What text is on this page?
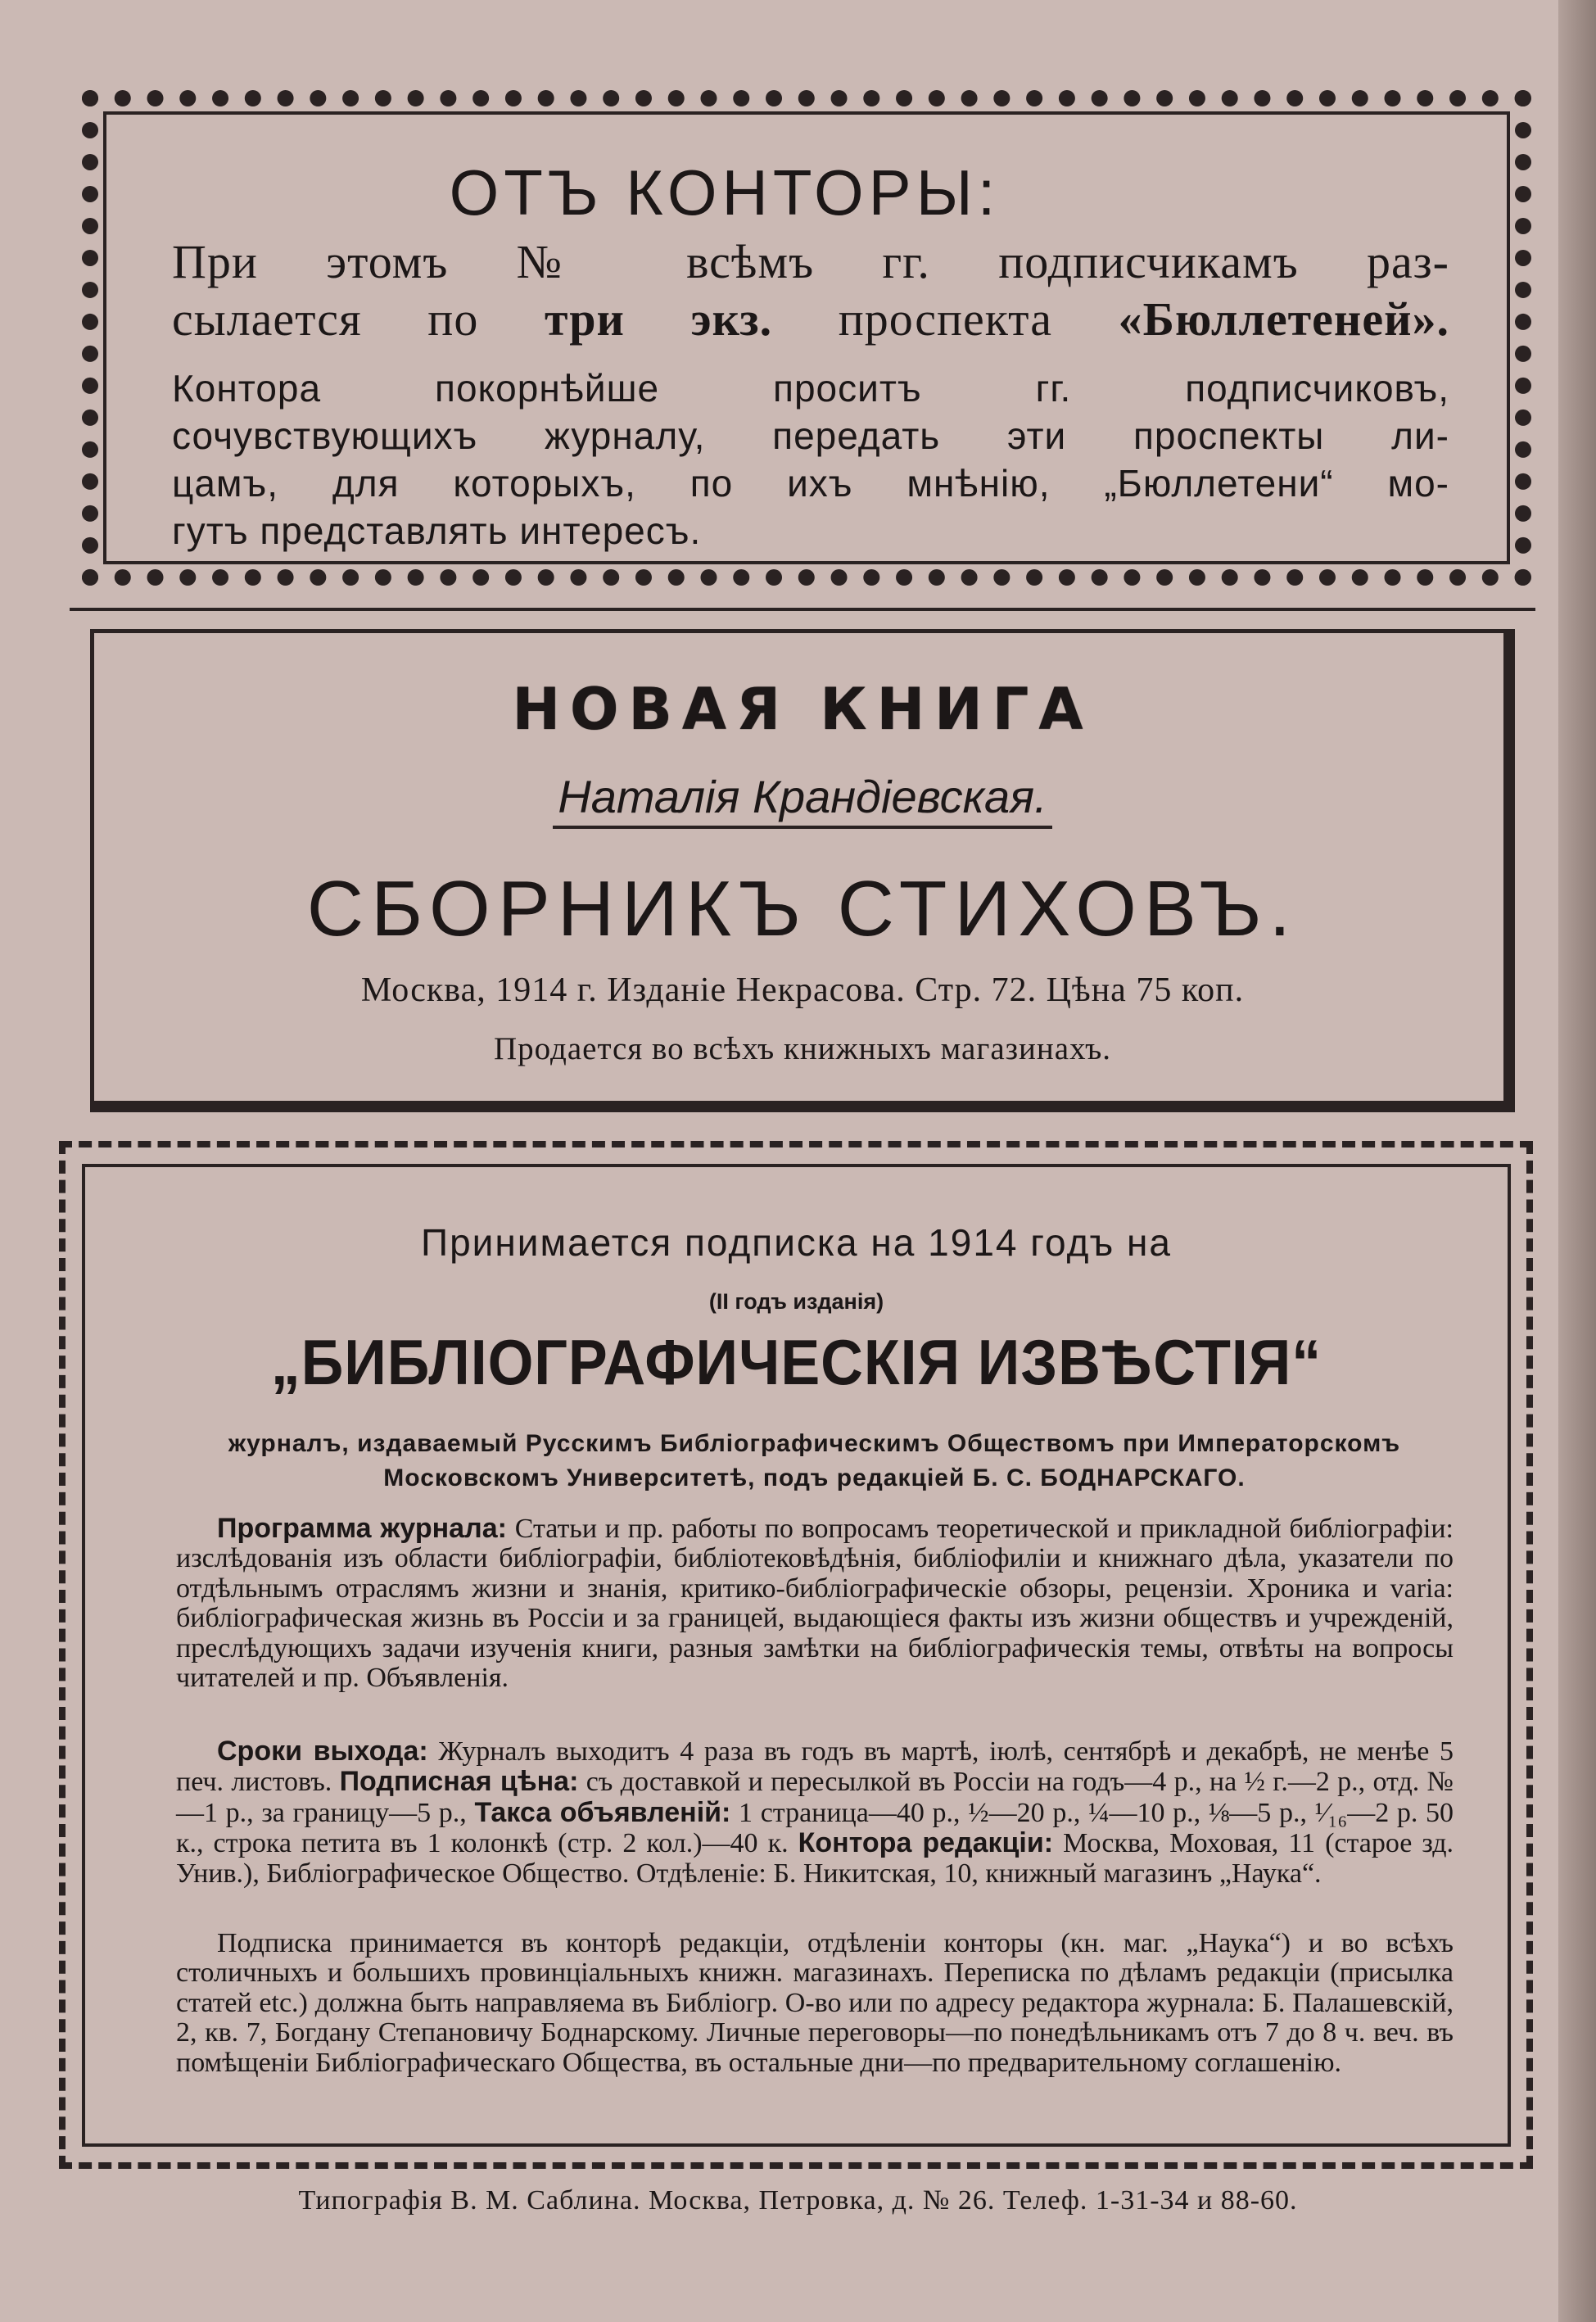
ОТЪ КОНТОРЫ:
При этомъ № всѣмъ гг. подписчикамъ раз-
сылается по три экз. проспекта «Бюллетеней».
Контора покорнѣйше проситъ гг. подписчиковъ,
сочувствующихъ журналу, передать эти проспекты ли-
цамъ, для которыхъ, по ихъ мнѣнію, „Бюллетени“ мо-
гутъ представлять интересъ.
НОВАЯ КНИГА
Наталія Крандіевская.
СБОРНИКЪ СТИХОВЪ.
Москва, 1914 г. Изданіе Некрасова. Стр. 72. Цѣна 75 коп.
Продается во всѣхъ книжныхъ магазинахъ.
Принимается подписка на 1914 годъ на
(II годъ изданія)
„БИБЛІОГРАФИЧЕСКІЯ ИЗВѢСТІЯ“
журналъ, издаваемый Русскимъ Библіографическимъ Обществомъ при Императорскомъ
Московскомъ Университетѣ, подъ редакціей Б. С. БОДНАРСКАГО.

Программа журнала: Статьи и пр. работы по вопросамъ теоретической и прикладной библіографіи: изслѣдованія изъ области библіографіи, библіотековѣдѣнія, библіофиліи и книжнаго дѣла, указатели по отдѣльнымъ отраслямъ жизни и знанія, критико-библіографическіе обзоры, рецензіи. Хроника и varia: библіографическая жизнь въ Россіи и за границей, выдающіеся факты изъ жизни обществъ и учрежденій, преслѣдующихъ задачи изученія книги, разныя замѣтки на библіографическія темы, отвѣты на вопросы читателей и пр. Объявленія.

Сроки выхода: Журналъ выходитъ 4 раза въ годъ въ мартѣ, іюлѣ, сентябрѣ и декабрѣ, не менѣе 5 печ. листовъ. Подписная цѣна: съ доставкой и пересылкой въ Россіи на годъ—4 р., на ½ г.—2 р., отд. №—1 р., за границу—5 р., Такса объявленій: 1 страница—40 р., ½—20 р., ¼—10 р., ⅛—5 р., ¹⁄₁₆—2 р. 50 к., строка петита въ 1 колонкѣ (стр. 2 кол.)—40 к. Контора редакціи: Москва, Моховая, 11 (старое зд. Унив.), Библіографическое Общество. Отдѣленіе: Б. Никитская, 10, книжный магазинъ „Наука“.

Подписка принимается въ конторѣ редакціи, отдѣленіи конторы (кн. маг. „Наука“) и во всѣхъ столичныхъ и большихъ провинціальныхъ книжн. магазинахъ. Переписка по дѣламъ редакціи (присылка статей etc.) должна быть направляема въ Библіогр. О-во или по адресу редактора журнала: Б. Палашевскій, 2, кв. 7, Богдану Степановичу Боднарскому. Личные переговоры—по понедѣльникамъ отъ 7 до 8 ч. веч. въ помѣщеніи Библіографическаго Общества, въ остальные дни—по предварительному соглашенію.

Типографія В. М. Саблина. Москва, Петровка, д. № 26. Телеф. 1-31-34 и 88-60.
